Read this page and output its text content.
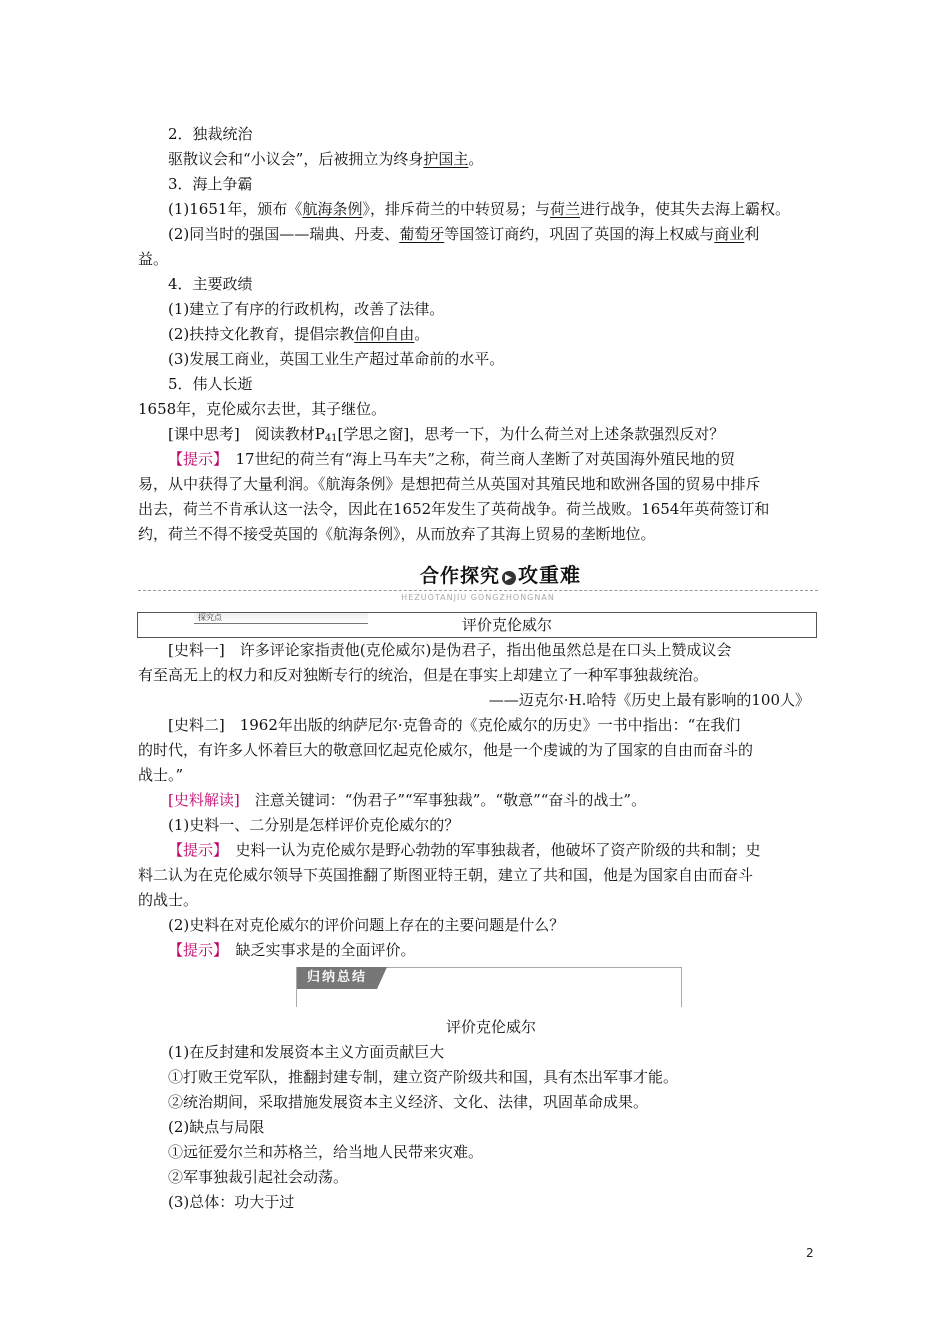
2．独裁统治
驱散议会和“小议会”，后被拥立为终身护国主。
3．海上争霸
(1)1651年，颁布《航海条例》，排斥荷兰的中转贸易；与荷兰进行战争，使其失去海上霸权。
(2)同当时的强国——瑞典、丹麦、葡萄牙等国签订商约，巩固了英国的海上权威与商业利
益。
4．主要政绩
(1)建立了有序的行政机构，改善了法律。
(2)扶持文化教育，提倡宗教信仰自由。
(3)发展工商业，英国工业生产超过革命前的水平。
5．伟人长逝
1658年，克伦威尔去世，其子继位。
[课中思考]　阅读教材$P_{41}$[学思之窗]，思考一下，为什么荷兰对上述条款强烈反对？
【提示】　17世纪的荷兰有“海上马车夫”之称，荷兰商人垄断了对英国海外殖民地的贸
易，从中获得了大量利润。《航海条例》是想把荷兰从英国对其殖民地和欧洲各国的贸易中排斥
出去，荷兰不肯承认这一法令，因此在1652年发生了英荷战争。荷兰战败。1654年英荷签订和
约，荷兰不得不接受英国的《航海条例》，从而放弃了其海上贸易的垄断地位。
合作探究 ▶ 攻重难
HEZUOTANJIU GONGZHONGNAN
探究点	评价克伦威尔
[史料一]　许多评论家指责他(克伦威尔)是伪君子，指出他虽然总是在口头上赞成议会
有至高无上的权力和反对独断专行的统治，但是在事实上却建立了一种军事独裁统治。
——迈克尔·H.哈特《历史上最有影响的100人》
[史料二]　1962年出版的纳萨尼尔·克鲁奇的《克伦威尔的历史》一书中指出：“在我们
的时代，有许多人怀着巨大的敬意回忆起克伦威尔，他是一个虔诚的为了国家的自由而奋斗的
战士。”
[史料解读]　注意关键词：“伪君子”“军事独裁”。“敬意”“奋斗的战士”。
(1)史料一、二分别是怎样评价克伦威尔的？
【提示】　史料一认为克伦威尔是野心勃勃的军事独裁者，他破坏了资产阶级的共和制；史
料二认为在克伦威尔领导下英国推翻了斯图亚特王朝，建立了共和国，他是为国家自由而奋斗
的战士。
(2)史料在对克伦威尔的评价问题上存在的主要问题是什么？
【提示】　缺乏实事求是的全面评价。
归纳总结
评价克伦威尔
(1)在反封建和发展资本主义方面贡献巨大
①打败王党军队，推翻封建专制，建立资产阶级共和国，具有杰出军事才能。
②统治期间，采取措施发展资本主义经济、文化、法律，巩固革命成果。
(2)缺点与局限
①远征爱尔兰和苏格兰，给当地人民带来灾难。
②军事独裁引起社会动荡。
(3)总体：功大于过
2
